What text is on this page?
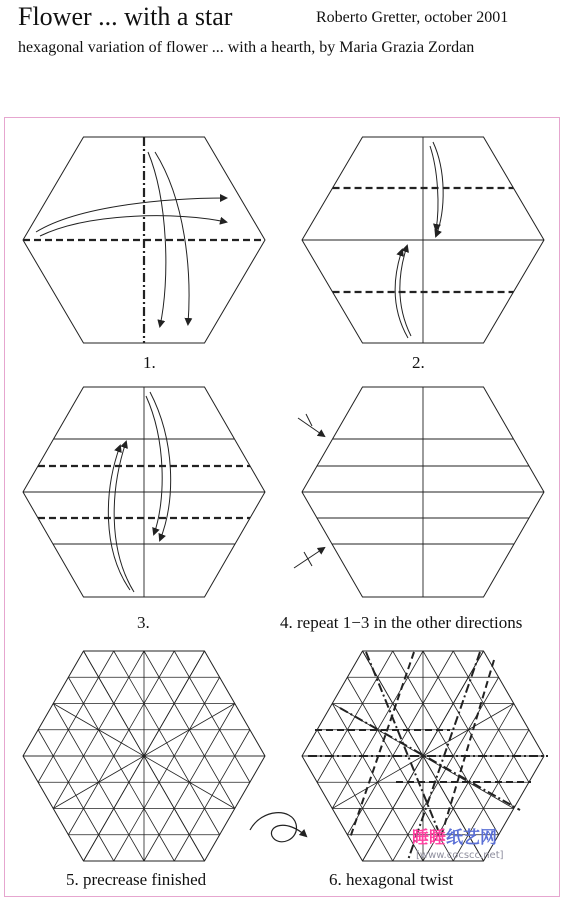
Flower ... with a star	Roberto Gretter, october 2001
hexagonal variation of flower ... with a hearth, by Maria Grazia Zordan
1.	2.
3.	4. repeat 1−3 in the other directions
5. precrease finished	6. hexagonal twist
睡睡纸艺网
[www.cocscc.net]
